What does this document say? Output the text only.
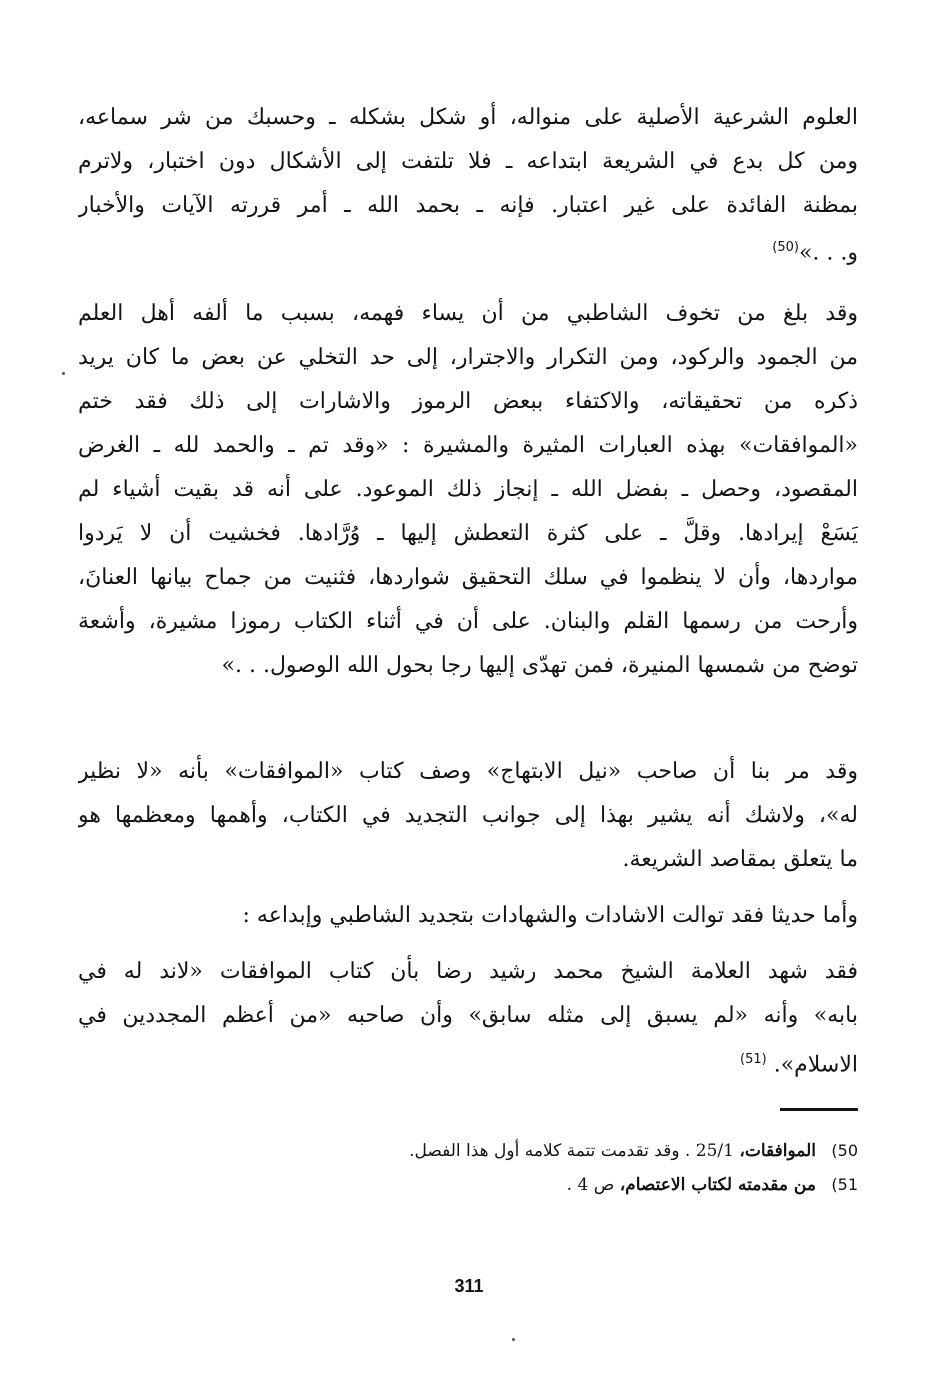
العلوم الشرعية الأصلية على منواله، أو شكل بشكله ـ وحسبك من شر سماعه،
ومن كل بدع في الشريعة ابتداعه ـ فلا تلتفت إلى الأشكال دون اختبار، ولاترم
بمظنة الفائدة على غير اعتبار. فإنه ـ بحمد الله ـ أمر قررته الآيات والأخبار
و. . .»$^{(50)}$
وقد بلغ من تخوف الشاطبي من أن يساء فهمه، بسبب ما ألفه أهل العلم
من الجمود والركود، ومن التكرار والاجترار، إلى حد التخلي عن بعض ما كان يريد
ذكره من تحقيقاته، والاكتفاء ببعض الرموز والاشارات إلى ذلك فقد ختم
«الموافقات» بهذه العبارات المثيرة والمشيرة : «وقد تم ـ والحمد لله ـ الغرض
المقصود، وحصل ـ بفضل الله ـ إنجاز ذلك الموعود. على أنه قد بقيت أشياء لم
يَسَعْ إيرادها. وقلَّ ـ على كثرة التعطش إليها ـ وُرَّادها. فخشيت أن لا يَردوا
مواردها، وأن لا ينظموا في سلك التحقيق شواردها، فثنيت من جماح بيانها العنانَ،
وأرحت من رسمها القلم والبنان. على أن في أثناء الكتاب رموزا مشيرة، وأشعة
توضح من شمسها المنيرة، فمن تهدّى إليها رجا بحول الله الوصول. . .»
وقد مر بنا أن صاحب «نيل الابتهاج» وصف كتاب «الموافقات» بأنه «لا نظير
له»، ولاشك أنه يشير بهذا إلى جوانب التجديد في الكتاب، وأهمها ومعظمها هو
ما يتعلق بمقاصد الشريعة.
وأما حديثا فقد توالت الاشادات والشهادات بتجديد الشاطبي وإبداعه :
فقد شهد العلامة الشيخ محمد رشيد رضا بأن كتاب الموافقات «لاند له في
بابه» وأنه «لم يسبق إلى مثله سابق» وأن صاحبه «من أعظم المجددين في
الاسلام». $^{(51)}$
50) الموافقات، 25/1 . وقد تقدمت تتمة كلامه أول هذا الفصل.
51) من مقدمته لكتاب الاعتصام، ص 4 .
311
